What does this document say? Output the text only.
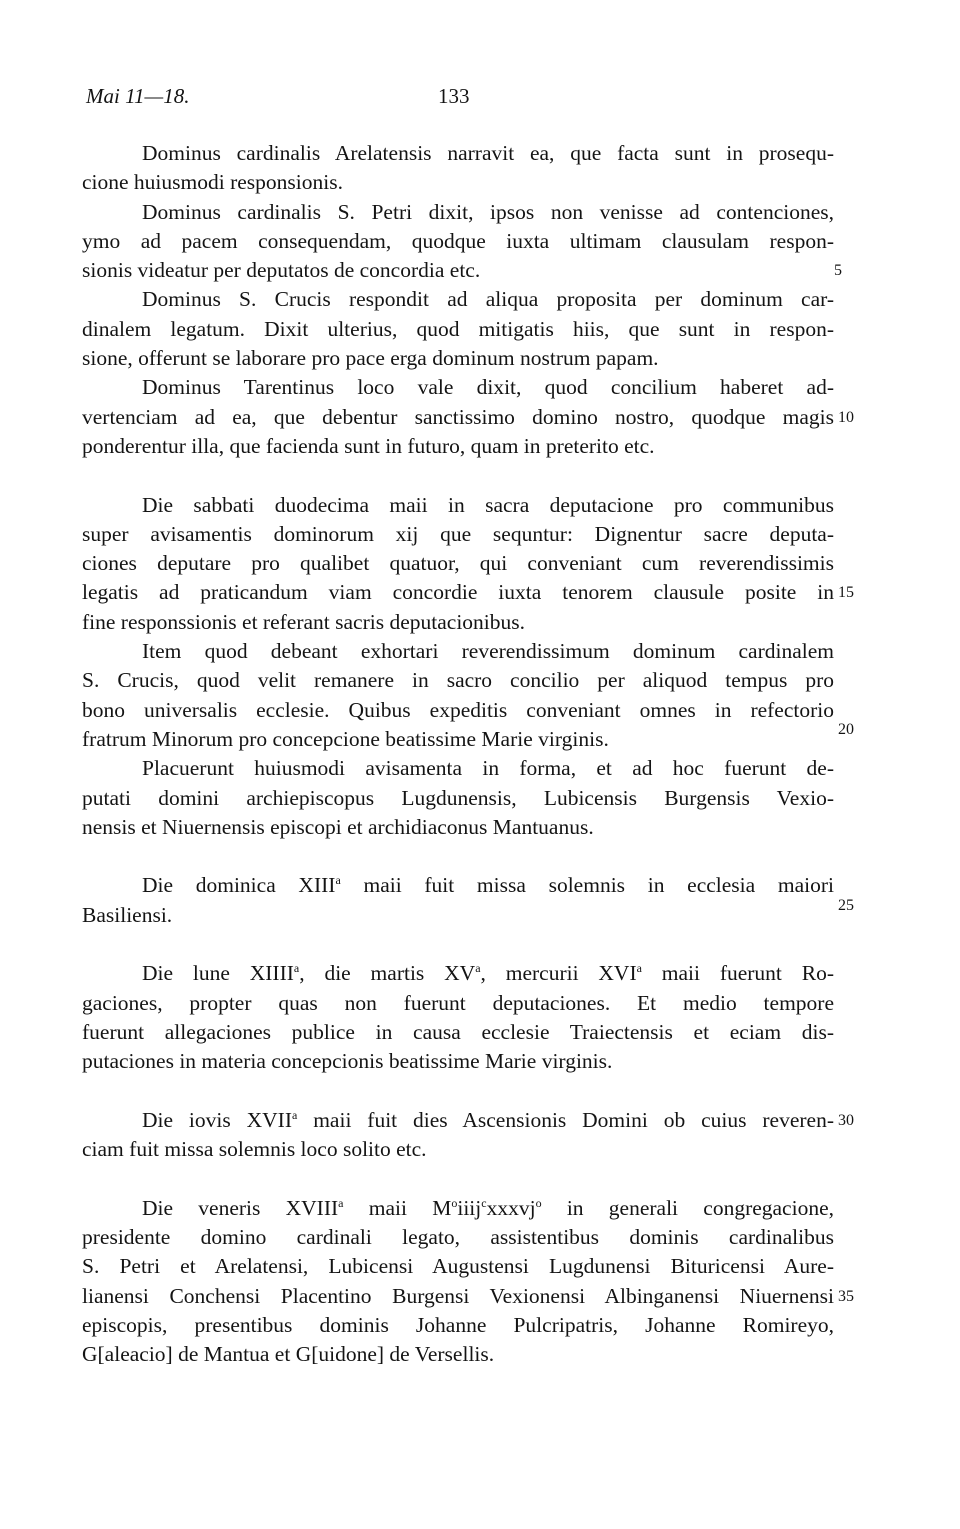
Mai 11—18.	133
Dominus cardinalis Arelatensis narravit ea, que facta sunt in prosequ-
cione huiusmodi responsionis.
Dominus cardinalis S. Petri dixit, ipsos non venisse ad contenciones,
ymo ad pacem consequendam, quodque iuxta ultimam clausulam respon-
sionis videatur per deputatos de concordia etc.	5
Dominus S. Crucis respondit ad aliqua proposita per dominum car-
dinalem legatum. Dixit ulterius, quod mitigatis hiis, que sunt in respon-
sione, offerunt se laborare pro pace erga dominum nostrum papam.
Dominus Tarentinus loco vale dixit, quod concilium haberet ad-
vertenciam ad ea, que debentur sanctissimo domino nostro, quodque magis 10
ponderentur illa, que facienda sunt in futuro, quam in preterito etc.
Die sabbati duodecima maii in sacra deputacione pro communibus
super avisamentis dominorum xij que sequntur: Dignentur sacre deputa-
ciones deputare pro qualibet quatuor, qui conveniant cum reverendissimis
legatis ad praticandum viam concordie iuxta tenorem clausule posite in 15
fine responssionis et referant sacris deputacionibus.
Item quod debeant exhortari reverendissimum dominum cardinalem
S. Crucis, quod velit remanere in sacro concilio per aliquod tempus pro
bono universalis ecclesie. Quibus expeditis conveniant omnes in refectorio
fratrum Minorum pro concepcione beatissime Marie virginis.	20
Placuerunt huiusmodi avisamenta in forma, et ad hoc fuerunt de-
putati domini archiepiscopus Lugdunensis, Lubicensis Burgensis Vexio-
nensis et Niuernensis episcopi et archidiaconus Mantuanus.
Die dominica XIII$^a$ maii fuit missa solemnis in ecclesia maiori
Basiliensi.	25
Die lune XIIII$^a$, die martis $XV^a$, mercurii XVI$^a$ maii fuerunt Ro-
gaciones, propter quas non fuerunt deputaciones. Et medio tempore
fuerunt allegaciones publice in causa ecclesie Traiectensis et eciam dis-
putaciones in materia concepcionis beatissime Marie virginis.
Die iovis XVII$^a$ maii fuit dies Ascensionis Domini ob cuius reveren- 30
ciam fuit missa solemnis loco solito etc.
Die veneris XVIII$^a$ maii $M^oiiij^cxxxvj^o$ in generali congregacione,
presidente domino cardinali legato, assistentibus dominis cardinalibus
S. Petri et Arelatensi, Lubicensi Augustensi Lugdunensi Bituricensi Aure-
lianensi Conchensi Placentino Burgensi Vexionensi Albinganensi Niuernensi 35
episcopis, presentibus dominis Johanne Pulcripatris, Johanne Romireyo,
G[aleacio] de Mantua et G[uidone] de Versellis.
